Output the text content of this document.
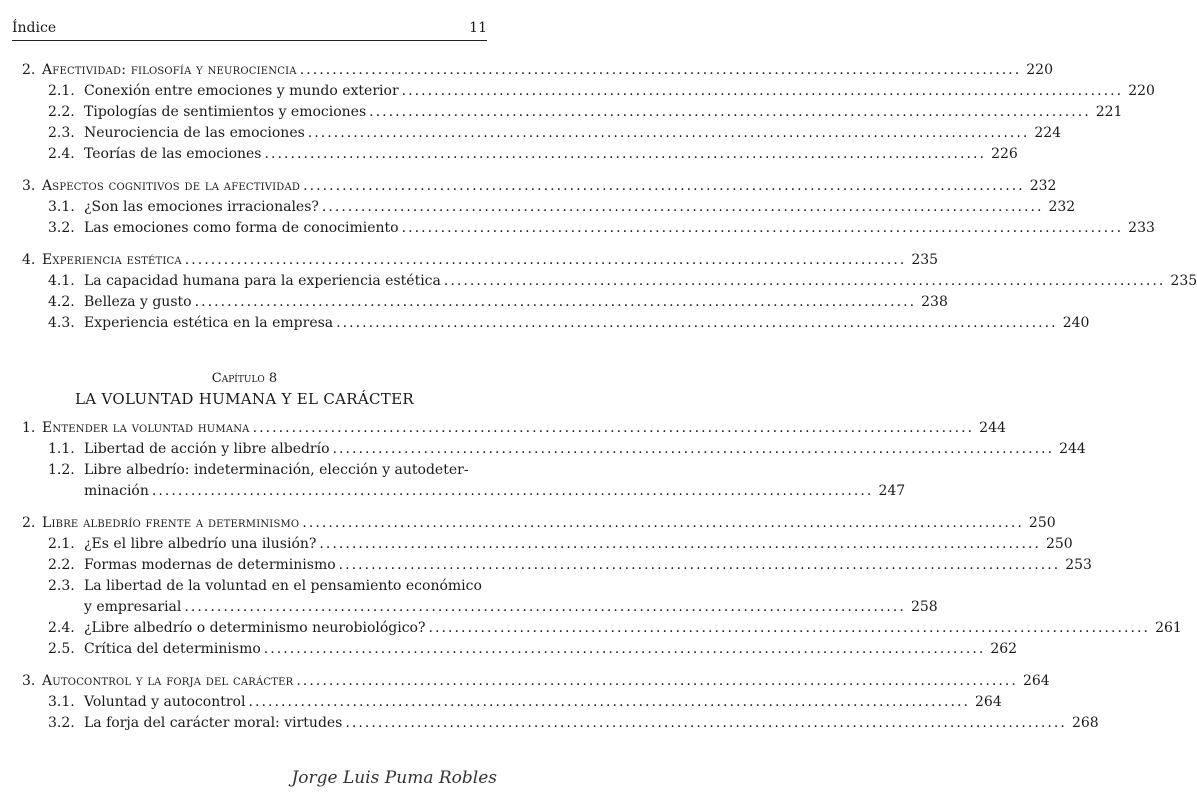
Índice	11
2. Afectividad: filosofía y neurociencia . . .	220
2.1. Conexión entre emociones y mundo exterior . . .	220
2.2. Tipologías de sentimientos y emociones . . .	221
2.3. Neurociencia de las emociones . . .	224
2.4. Teorías de las emociones . . .	226
3. Aspectos cognitivos de la afectividad . . .	232
3.1. ¿Son las emociones irracionales? . . .	232
3.2. Las emociones como forma de conocimiento . . .	233
4. Experiencia estética . . .	235
4.1. La capacidad humana para la experiencia estética . . .	235
4.2. Belleza y gusto . . .	238
4.3. Experiencia estética en la empresa . . .	240
Capítulo 8
LA VOLUNTAD HUMANA Y EL CARÁCTER
1. Entender la voluntad humana . . .	244
1.1. Libertad de acción y libre albedrío . . .	244
1.2. Libre albedrío: indeterminación, elección y autodeter-
minación . . .	247
2. Libre albedrío frente a determinismo . . .	250
2.1. ¿Es el libre albedrío una ilusión? . . .	250
2.2. Formas modernas de determinismo . . .	253
2.3. La libertad de la voluntad en el pensamiento económico
y empresarial . . .	258
2.4. ¿Libre albedrío o determinismo neurobiológico? . . .	261
2.5. Crítica del determinismo . . .	262
3. Autocontrol y la forja del carácter . . .	264
3.1. Voluntad y autocontrol . . .	264
3.2. La forja del carácter moral: virtudes . . .	268
Jorge Luis Puma Robles
